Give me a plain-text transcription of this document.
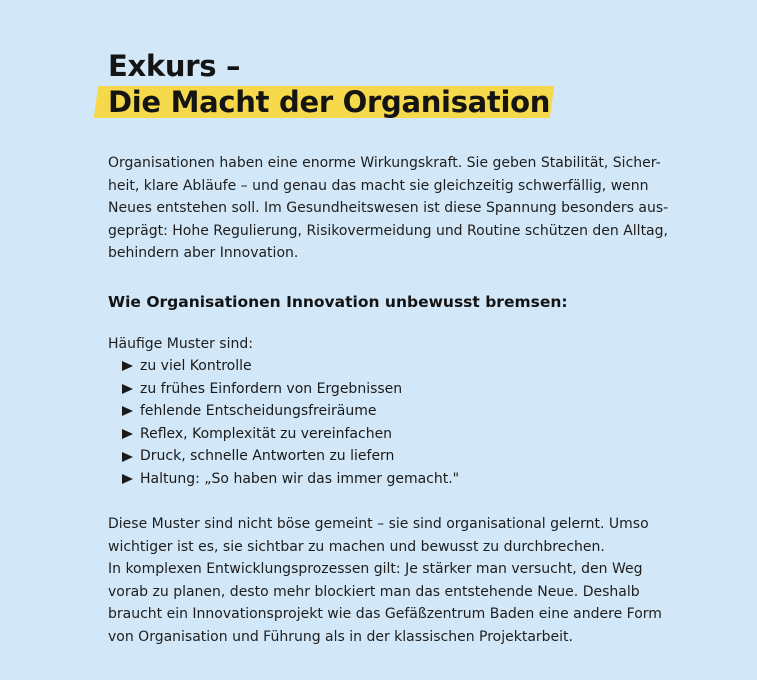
Exkurs –
Die Macht der Organisation

Organisationen haben eine enorme Wirkungskraft. Sie geben Stabilität, Sicher-
heit, klare Abläufe – und genau das macht sie gleichzeitig schwerfällig, wenn
Neues entstehen soll. Im Gesundheitswesen ist diese Spannung besonders aus-
geprägt: Hohe Regulierung, Risikovermeidung und Routine schützen den Alltag,
behindern aber Innovation.

Wie Organisationen Innovation unbewusst bremsen:

Häufige Muster sind:

zu viel Kontrolle
zu frühes Einfordern von Ergebnissen
fehlende Entscheidungsfreiräume
Reflex, Komplexität zu vereinfachen
Druck, schnelle Antworten zu liefern
Haltung: „So haben wir das immer gemacht."

Diese Muster sind nicht böse gemeint – sie sind organisational gelernt. Umso
wichtiger ist es, sie sichtbar zu machen und bewusst zu durchbrechen.
In komplexen Entwicklungsprozessen gilt: Je stärker man versucht, den Weg
vorab zu planen, desto mehr blockiert man das entstehende Neue. Deshalb
braucht ein Innovationsprojekt wie das Gefäßzentrum Baden eine andere Form
von Organisation und Führung als in der klassischen Projektarbeit.
